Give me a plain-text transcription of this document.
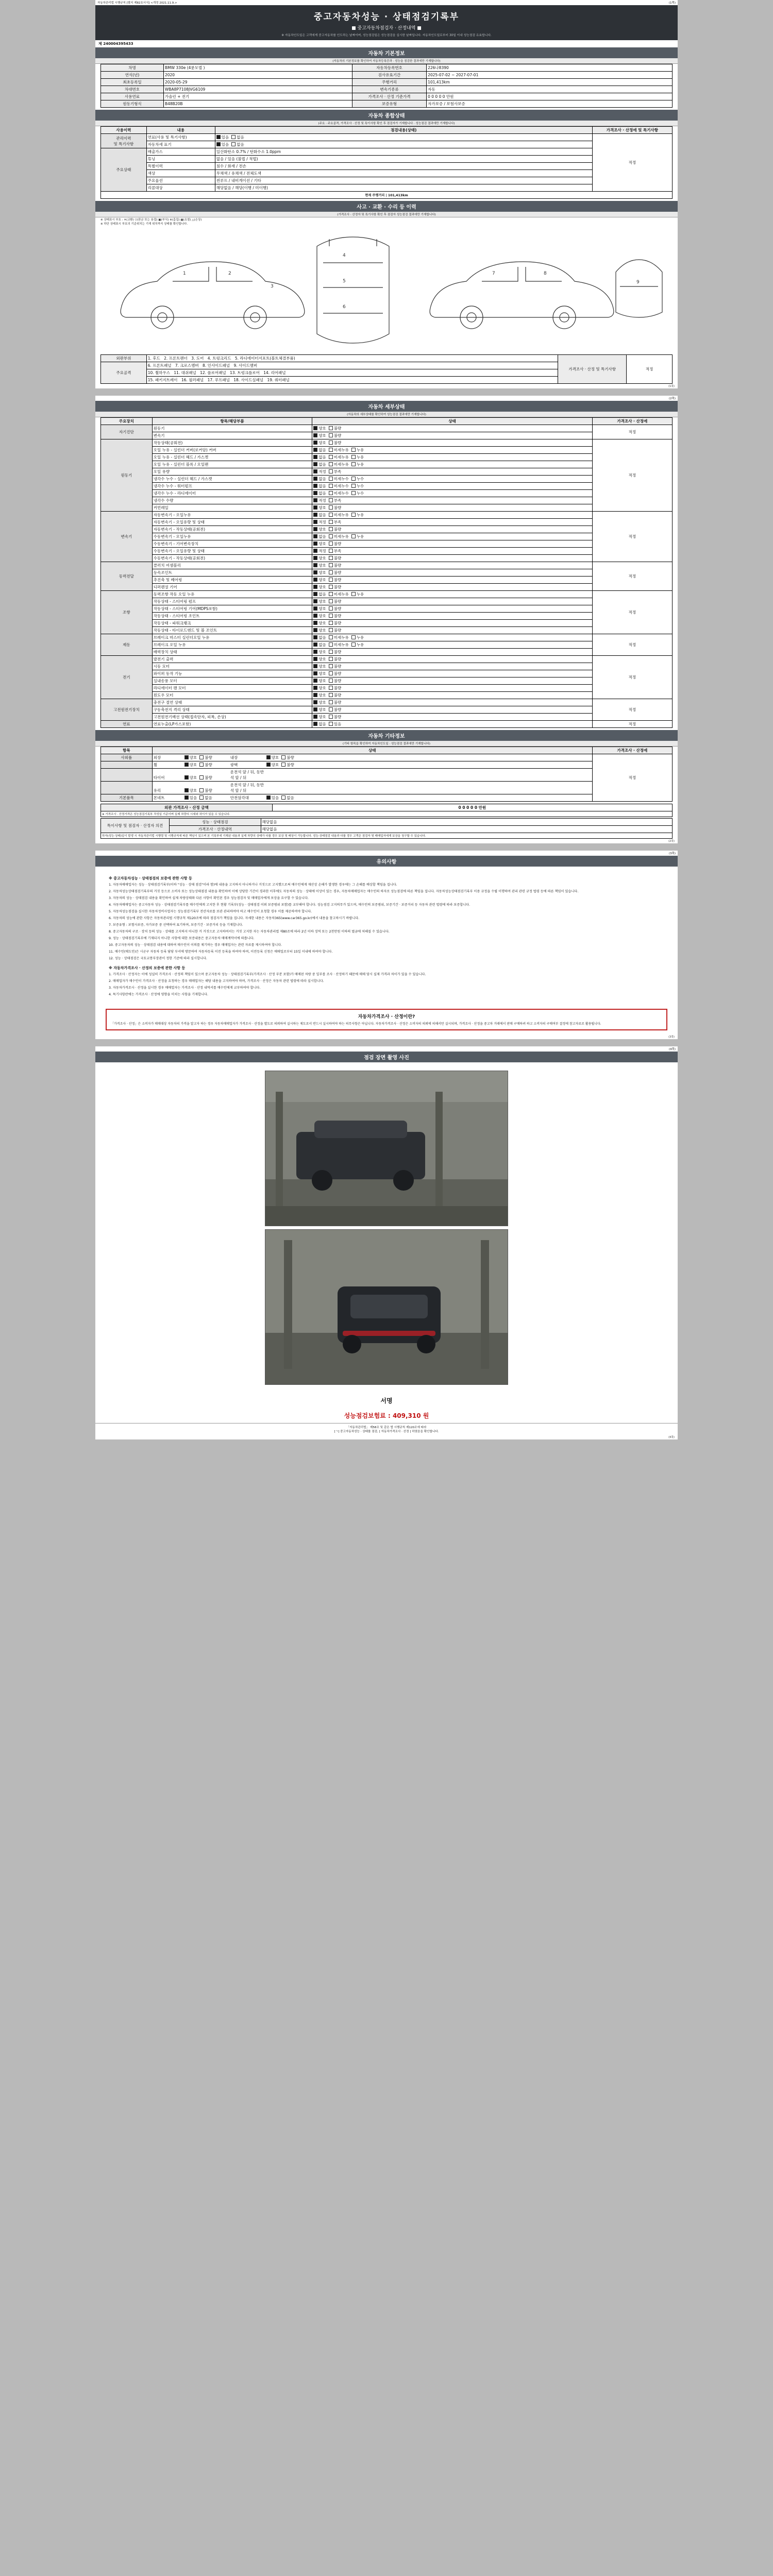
자동차관리법 시행규칙 [별지 제82호서식] <개정 2021.11.9.>	(1쪽)
중고자동차성능 · 상태점검기록부
■ 중고자동차점검자 · 산정내역 ■
※ 자동차인도일은 고객에게 중고자동차를 인도하는 날짜이며, 성능점검일은 성능점검을 실시한 날짜입니다. 자동차인도일로부터 30일 이내 성능점검 유효합니다.
제 240004395433
자동차 기본정보
(자동차의 기본정보를 확인하여 자동차등록증과 · 성능을 점검한 결과에만 기재합니다)
차명	BMW 330e (4륜모델 )	자동차등록번호	226나8390
연식(년)	2020	검사유효기간	2025-07-02 ~ 2027-07-01
최초등록일	2020-05-29	주행거리	101,413km
차대번호	WBA8P7108JVG6109	변속기종류	자동
사용연료	가솔린 + 전기	가격조사 · 산정 기준가격	0 0 0 0 0 만원
원동기형식	B48B20B	보증유형	자가보증 / 보험사보증
자동차 종합상태
(주요 · 주요골격, 가격조사 · 산정 및 특이사항 확인 후 점검자가 기재합니다 · 성능점검 결과에만 기재합니다)
사용이력	내용	점검내용(상태)	가격조사 · 산정에 및 특기사항
관리이력
및 특기사항	연료(사용 및 특기사항)	있음 없음	적정
	자동차세 표기	있음 없음	
주요상태	배출가스	일산화탄소 0.7% / 탄화수소 1.0ppm	
	튜닝	없음 / 있음 (불법 / 적법)	
	특별이력	침수 / 화재 / 전손	
	색상	무채색 / 유채색 / 전체도색	
	주요옵션	썬루프 / 내비게이션 / 기타	
	리콜대상	해당없음 / 해당(이행 / 미이행)	
현재 주행거리 | 101,413km
사고 · 교환 · 수리 등 이력
(가격조사 · 산정자 및 특기사항 확인 후 점검자 성능점검 결과에만 기재합니다)
※ 상태표시 부호 : ✕(교환) ▽(판금 또는 용접) ▣(부식) ※(흠집) ▦(요철) △(손상)
※ 하단 상태표시 부호의 기준위치는 기재 위치까지 상태를 확인합니다.
1	2
3
4
5
6
7	8
9
외판부위	1. 후드 2. 프론트펜더 3. 도어 4. 트렁크리드 5. 라디에이터서포트(볼트체결부품)	가격조사 · 산정 및 특기사항	적정
주요골격	6. 프론트패널 7. 크로스멤버 8. 인사이드패널 9. 사이드멤버		
	10. 휠하우스 11. 대쉬패널 12. 플로어패널 13. 트렁크플로어 14. 리어패널		
	15. 패키지트레이 16. 필러패널 17. 루프패널 18. 사이드실패널 19. 쿼터패널		
(1쪽)
(2쪽)
자동차 세부상태
(자동차의 세부상태를 확인하여 성능점검 결과에만 기재합니다)
주요장치	항목/해당부품	상태	가격조사 · 산정에
자기진단	원동기	양호 불량	적정
	변속기	양호 불량	
원동기	작동상태(공회전)	양호 불량	적정
	오일 누유 - 실린더 커버(로커암) 커버	없음 미세누유 누유	
	오일 누유 - 실린더 헤드 / 가스켓	없음 미세누유 누유	
	오일 누유 - 실린더 블록 / 오일팬	없음 미세누유 누유	
	오일 유량	적정 부족	
	냉각수 누수 - 실린더 헤드 / 가스켓	없음 미세누수 누수	
	냉각수 누수 - 워터펌프	없음 미세누수 누수	
	냉각수 누수 - 라디에이터	없음 미세누수 누수	
	냉각수 수량	적정 부족	
	커먼레일	양호 불량	
변속기	자동변속기 - 오일누유	없음 미세누유 누유	적정
	자동변속기 - 오일유량 및 상태	적정 부족	
	자동변속기 - 작동상태(공회전)	양호 불량	
	수동변속기 - 오일누유	없음 미세누유 누유	
	수동변속기 - 기어변속장치	양호 불량	
	수동변속기 - 오일유량 및 상태	적정 부족	
	수동변속기 - 작동상태(공회전)	양호 불량	
동력전달	클러치 어셈블리	양호 불량	적정
	등속조인트	양호 불량	
	추진축 및 베어링	양호 불량	
	디퍼렌셜 기어	양호 불량	
조향	동력조향 작동 오일 누유	없음 미세누유 누유	적정
	작동상태 - 스티어링 펌프	양호 불량	
	작동상태 - 스티어링 기어(MDPS포함)	양호 불량	
	작동상태 - 스티어링 조인트	양호 불량	
	작동상태 - 파워크랭크	양호 불량	
	작동상태 - 타이로드엔드 및 볼 조인트	양호 불량	
제동	브레이크 마스터 실린더오일 누유	없음 미세누유 누유	적정
	브레이크 오일 누유	없음 미세누유 누유	
	배력장치 상태	양호 불량	
전기	발전기 출력	양호 불량	적정
	시동 모터	양호 불량	
	와이퍼 동작 기능	양호 불량	
	실내송풍 모터	양호 불량	
	라디에이터 팬 모터	양호 불량	
	윈도우 모터	양호 불량	
고전원전기장치	충전구 절연 상태	양호 불량	적정
	구동축전지 격리 상태	양호 불량	
	고전원전기배선 상태(접속단자, 피복, 손상)	양호 불량	
연료	연료누출(LP가스포함)	없음 있음	적정
자동차 기타정보
(기타 항목을 확인하여 자동차인도일 · 성능점검 결과에만 기재합니다)
항목	상태	가격조사 · 산정에
사외품	외장 양호 불량 내장 양호 불량	적정
	휠 양호 불량 광택 양호 불량	
	타이어 양호 불량운전석 앞 / 뒤, 동반석 앞 / 뒤	
	유리 양호 불량운전석 앞 / 뒤, 동반석 앞 / 뒤	
기본품목	본네트 있음 없음 안전삼각대 있음 없음	
외관 가격조사 · 산정 금액	0 0 0 0 0 만원
※ 가격조사 · 산정가격은 성능점검기록부 작성일 기준이며 실제 차량의 시세와 차이가 있을 수 있습니다.
특이사항 및 점검자 · 산정자 의견	성능 · 상태점검	해당없음
	가격조사 · 산정내역	해당없음
하자(성능·상태)일이 발생 시 자동차관리법 시행령 및 시행규칙에 따른 책임이 있으며 본 기록부에 기재된 내용과 실제 차량의 상태가 다를 경우 보상 및 배상이 가능합니다. 성능·상태점검 내용과 다를 경우 고객은 점검자 및 매매업자에게 보상을 청구할 수 있습니다.		
(2쪽)
(3쪽)
유의사항
※ 중고자동차성능 · 상태점검의 보증에 관한 사항 등

1. 자동차매매업자는 성능 · 상태점검기록부(이하 "성능 · 상태 점검"이라 함)에 내용을 고지하지 아니하거나 거짓으로 고지했으로써 매수인에게 재산상 손해가 발생한 경우에는 그 손해를 배상할 책임을 집니다.

2. 자동차성능상태점검기록부의 거짓 등으로 소비자 또는 성능상태점검 내용을 확인하여 이에 상당한 기간이 경과한 이후에도 자동차의 성능 · 상태에 이상이 있는 경우, 자동차매매업자는 매수인의 하자로 성능점검에 따른 책임을 집니다. 자동차성능상태점검기록부 이용 규정을 수립 이행하여 관리 관련 규정 법령 등에 따른 책임이 있습니다.

3. 자동차의 성능 · 상태점검 내용을 확인하여 실제 차량상태와 다른 사항이 확인된 경우 성능점검자 및 매매업자에게 보상을 요구할 수 있습니다.

4. 자동차매매업자는 중고자동차 성능 · 상태점검기록부를 매수인에게 고지한 후 현황 기록부(성능 · 상태점검 이외 보증범위 포함)를 교부해야 합니다. 성능점검 고지의무가 있으며, 매수인의 보증범위, 보증기간 · 보증거리 등 자동차 관련 법령에 따라 보증합니다.

5. 자동차성능점검을 실시한 자동차정비사업자는 성능점검기록부 전산자료를 보관 관리하여야 하고 매수인이 요청할 경우 이를 제공하여야 합니다.

6. 자동차의 성능에 관한 사항은 자동차관리법 시행규칙 제120조에 따라 점검자가 책임을 집니다. 자세한 내용은 자동차365(www.car365.go.kr)에서 내용을 참고하시기 바랍니다.

7. 보증유형 : 보험사보증, 자가보증 중 선택하여 표기하며, 보증기간 · 보증거리 등을 기재합니다.

8. 중고자동차의 구조 · 장치 등의 성능 · 상태를 고지하지 아니한 거 거짓으로 고지하여서는 거짓 고지한 자는 자동차관리법 제80조에 따라 2년 이하 징역 또는 2천만원 이하의 벌금에 처해질 수 있습니다.

9. 성능 · 상태점검기록부에 기재되지 아니한 사항에 대한 보증내용은 중고자동차 매매계약서에 따릅니다.

10. 중고자동차의 성능 · 상태점검 내용에 대하여 매수인이 이의를 제기하는 경우 매매업자는 관련 자료를 제시하여야 합니다.

11. 매수인(매도인)은 시군구 자동차 등록 담당 부서에 방문하여 자동차등록 이전 등록을 하여야 하며, 이전등록 신청은 매매일로부터 15일 이내에 하여야 합니다.

12. 성능 · 상태점검은 국토교통부장관이 정한 기준에 따라 실시합니다.

※ 자동차가격조사 · 산정의 보증에 관한 사항 등

1. 가격조사 · 산정자는 이에 성실히 가격조사 · 산정의 책임이 있으며 중고자동차 성능 · 상태점검기록부(가격조사 · 산정 부분 포함)가 매매된 차량 중 일부를 조사 · 산정하기 때문에 매매 당시 실제 가격과 차이가 있을 수 있습니다.

2. 매매업자가 매수인이 가격조사 · 산정을 요청하는 경우 매매업자는 해당 내용을 고지하여야 하며, 가격조사 · 산정은 자동차 관련 법령에 따라 실시합니다.

3. 자동차가격조사 · 산정을 실시한 경우 매매업자는 가격조사 · 산정 내역서를 매수인에게 교부하여야 합니다.

4. 특기사항란에는 가격조사 · 산정에 영향을 미치는 사항을 기재합니다.

자동차가격조사 · 산정이란?
「가격조사 · 산정」은 소비자가 매매대상 자동차의 가격을 알고자 하는 경우 자동차매매업자가 가격조사 · 산정을 별도로 의뢰하여 실시하는 제도로서 반드시 실시하여야 하는 의무사항은 아닙니다. 자동차가격조사 · 산정은 소비자의 의뢰에 의해서만 실시되며, 가격조사 · 산정을 중고차 거래에서 판매 구매하려 하고 소비자의 구매여부 결정에 참고자료로 활용됩니다.
(3쪽)
(4쪽)
점검 장면 촬영 사진
서명
성능점검보험료 : 409,310 원
「자동차관리법」 제58조 및 같은 법 시행규칙 제120조에 따라
[ㄱ] 중고자동차성능 · 상태를 점검, [ 자동차가격조사 · 산정 ] 하였음을 확인합니다.
(4쪽)
